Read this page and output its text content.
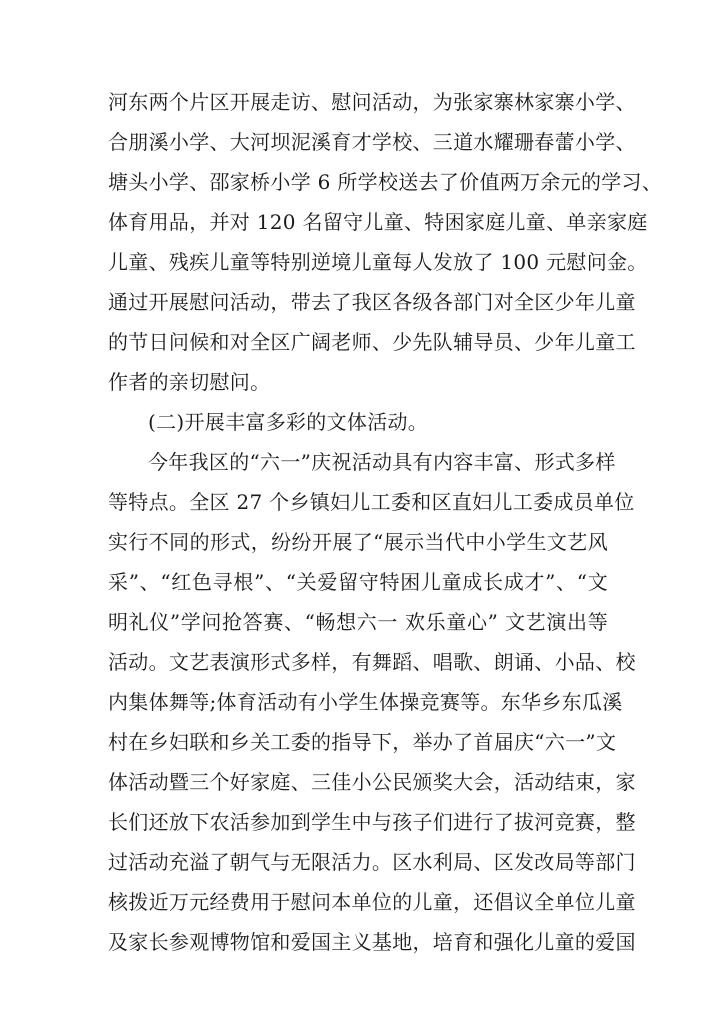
河东两个片区开展走访、慰问活动，为张家寨林家寨小学、
合朋溪小学、大河坝泥溪育才学校、三道水耀珊春蕾小学、
塘头小学、邵家桥小学 6 所学校送去了价值两万余元的学习、
体育用品，并对 120 名留守儿童、特困家庭儿童、单亲家庭
儿童、残疾儿童等特别逆境儿童每人发放了 100 元慰问金。
通过开展慰问活动，带去了我区各级各部门对全区少年儿童
的节日问候和对全区广阔老师、少先队辅导员、少年儿童工
作者的亲切慰问。
(二)开展丰富多彩的文体活动。
今年我区的“六一”庆祝活动具有内容丰富、形式多样
等特点。全区 27 个乡镇妇儿工委和区直妇儿工委成员单位
实行不同的形式，纷纷开展了“展示当代中小学生文艺风
采”、“红色寻根”、“关爱留守特困儿童成长成才”、“文
明礼仪”学问抢答赛、“畅想六一 欢乐童心” 文艺演出等
活动。文艺表演形式多样，有舞蹈、唱歌、朗诵、小品、校
内集体舞等;体育活动有小学生体操竞赛等。东华乡东瓜溪
村在乡妇联和乡关工委的指导下，举办了首届庆“六一”文
体活动暨三个好家庭、三佳小公民颁奖大会，活动结束，家
长们还放下农活参加到学生中与孩子们进行了拔河竞赛，整
过活动充溢了朝气与无限活力。区水利局、区发改局等部门
核拨近万元经费用于慰问本单位的儿童，还倡议全单位儿童
及家长参观博物馆和爱国主义基地，培育和强化儿童的爱国
